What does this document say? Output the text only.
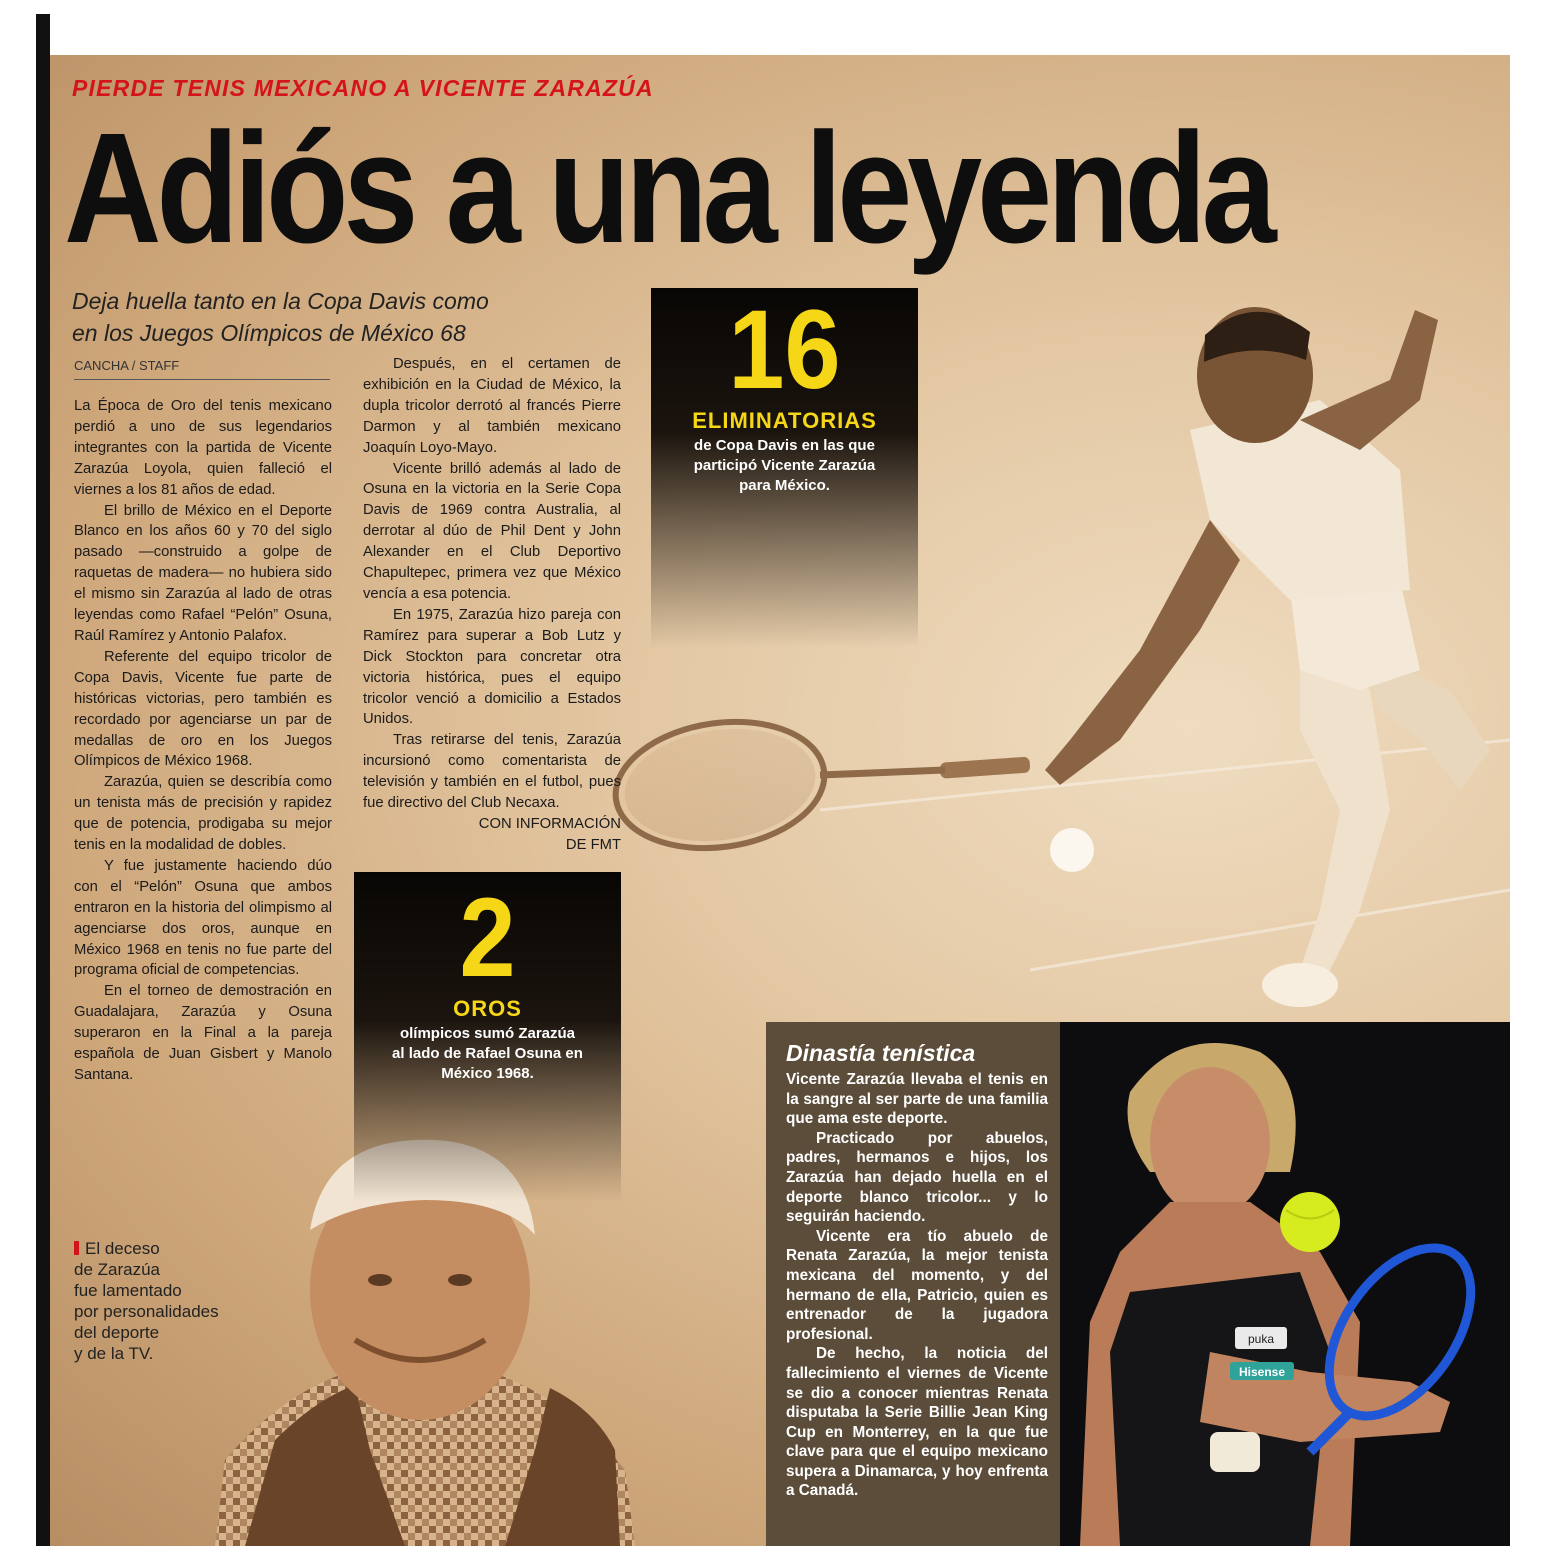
PIERDE TENIS MEXICANO A VICENTE ZARAZÚA
Adiós a una leyenda
Deja huella tanto en la Copa Davis como
en los Juegos Olímpicos de México 68
CANCHA / STAFF

La Época de Oro del tenis mexicano perdió a uno de sus legendarios integrantes con la partida de Vicente Zarazúa Loyola, quien falleció el viernes a los 81 años de edad.

El brillo de México en el Deporte Blanco en los años 60 y 70 del siglo pasado —construido a golpe de raquetas de madera— no hubiera sido el mismo sin Zarazúa al lado de otras leyendas como Rafael “Pelón” Osuna, Raúl Ramírez y Antonio Palafox.

Referente del equipo tricolor de Copa Davis, Vicente fue parte de históricas victorias, pero también es recordado por agenciarse un par de medallas de oro en los Juegos Olímpicos de México 1968.

Zarazúa, quien se describía como un tenista más de precisión y rapidez que de potencia, prodigaba su mejor tenis en la modalidad de dobles.

Y fue justamente haciendo dúo con el “Pelón” Osuna que ambos entraron en la historia del olimpismo al agenciarse dos oros, aunque en México 1968 en tenis no fue parte del programa oficial de competencias.

En el torneo de demostración en Guadalajara, Zarazúa y Osuna superaron en la Final a la pareja española de Juan Gisbert y Manolo Santana.

Después, en el certamen de exhibición en la Ciudad de México, la dupla tricolor derrotó al francés Pierre Darmon y al también mexicano Joaquín Loyo-Mayo.

Vicente brilló además al lado de Osuna en la victoria en la Serie Copa Davis de 1969 contra Australia, al derrotar al dúo de Phil Dent y John Alexander en el Club Deportivo Chapultepec, primera vez que México vencía a esa potencia.

En 1975, Zarazúa hizo pareja con Ramírez para superar a Bob Lutz y Dick Stockton para concretar otra victoria histórica, pues el equipo tricolor venció a domicilio a Estados Unidos.

Tras retirarse del tenis, Zarazúa incursionó como comentarista de televisión y también en el futbol, pues fue directivo del Club Necaxa.

CON INFORMACIÓN

DE FMT

16
ELIMINATORIAS
de Copa Davis en las que
participó Vicente Zarazúa
para México.
2
OROS
olímpicos sumó Zarazúa
al lado de Rafael Osuna en
México 1968.
El deceso
de Zarazúa
fue lamentado
por personalidades
del deporte
y de la TV.
Dinastía tenística

Vicente Zarazúa llevaba el tenis en la sangre al ser parte de una familia que ama este deporte.

Practicado por abuelos, padres, hermanos e hijos, los Zarazúa han dejado huella en el deporte blanco tricolor... y lo seguirán haciendo.

Vicente era tío abuelo de Renata Zarazúa, la mejor tenista mexicana del momento, y del hermano de ella, Patricio, quien es entrenador de la jugadora profesional.

De hecho, la noticia del fallecimiento el viernes de Vicente se dio a conocer mientras Renata disputaba la Serie Billie Jean King Cup en Monterrey, en la que fue clave para que el equipo mexicano supera a Dinamarca, y hoy enfrenta a Canadá.

puka
Hisense
